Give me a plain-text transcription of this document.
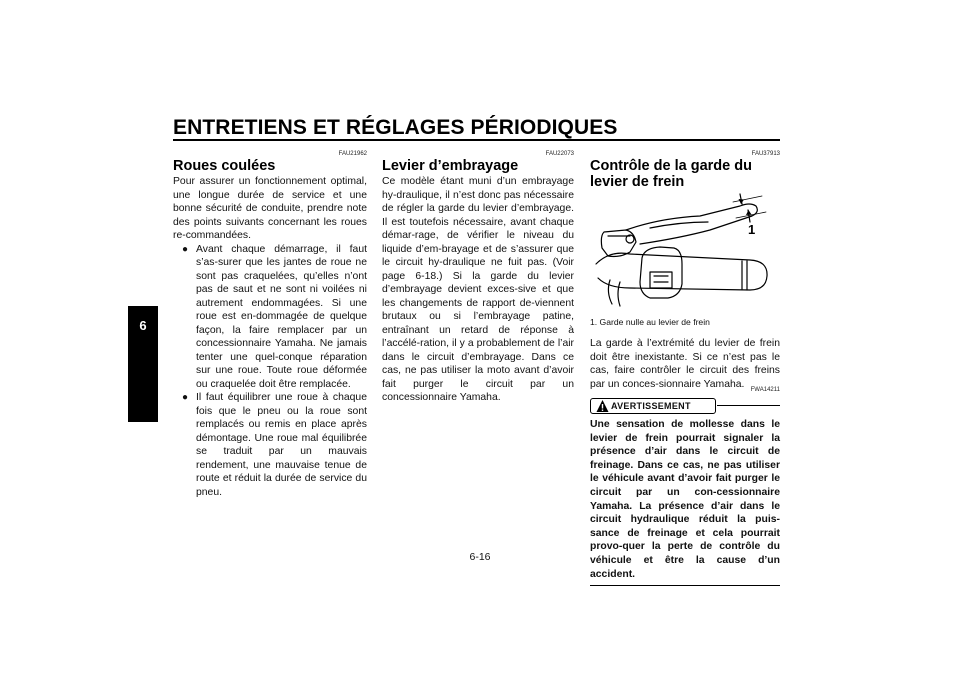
ENTRETIENS ET RÉGLAGES PÉRIODIQUES
6
FAU21962
Roues coulées

Pour assurer un fonctionnement optimal, une longue durée de service et une bonne sécurité de conduite, prendre note des points suivants concernant les roues re-commandées.

● Avant chaque démarrage, il faut s’as-surer que les jantes de roue ne sont pas craquelées, qu’elles n’ont pas de saut et ne sont ni voilées ni autrement endommagées. Si une roue est en-dommagée de quelque façon, la faire remplacer par un concessionnaire Yamaha. Ne jamais tenter une quel-conque réparation sur une roue. Toute roue déformée ou craquelée doit être remplacée.
● Il faut équilibrer une roue à chaque fois que le pneu ou la roue sont remplacés ou remis en place après démontage. Une roue mal équilibrée se traduit par un mauvais rendement, une mauvaise tenue de route et réduit la durée de service du pneu.
FAU22073
Levier d’embrayage

Ce modèle étant muni d’un embrayage hy-draulique, il n’est donc pas nécessaire de régler la garde du levier d’embrayage. Il est toutefois nécessaire, avant chaque démar-rage, de vérifier le niveau du liquide d’em-brayage et de s’assurer que le circuit hy-draulique ne fuit pas. (Voir page 6-18.) Si la garde du levier d’embrayage devient exces-sive et que les changements de rapport de-viennent brutaux ou si l’embrayage patine, entraînant un retard de réponse à l’accélé-ration, il y a probablement de l’air dans le circuit d’embrayage. Dans ce cas, ne pas utiliser la moto avant d’avoir fait purger le circuit par un concessionnaire Yamaha.

FAU37913
Contrôle de la garde du levier de frein
1

1. Garde nulle au levier de frein

La garde à l’extrémité du levier de frein doit être inexistante. Si ce n’est pas le cas, faire contrôler le circuit des freins par un conces-sionnaire Yamaha.

FWA14211
AVERTISSEMENT

Une sensation de mollesse dans le levier de frein pourrait signaler la présence d’air dans le circuit de freinage. Dans ce cas, ne pas utiliser le véhicule avant d’avoir fait purger le circuit par un con-cessionnaire Yamaha. La présence d’air dans le circuit hydraulique réduit la puis-sance de freinage et cela pourrait provo-quer la perte de contrôle du véhicule et être la cause d’un accident.

6-16
